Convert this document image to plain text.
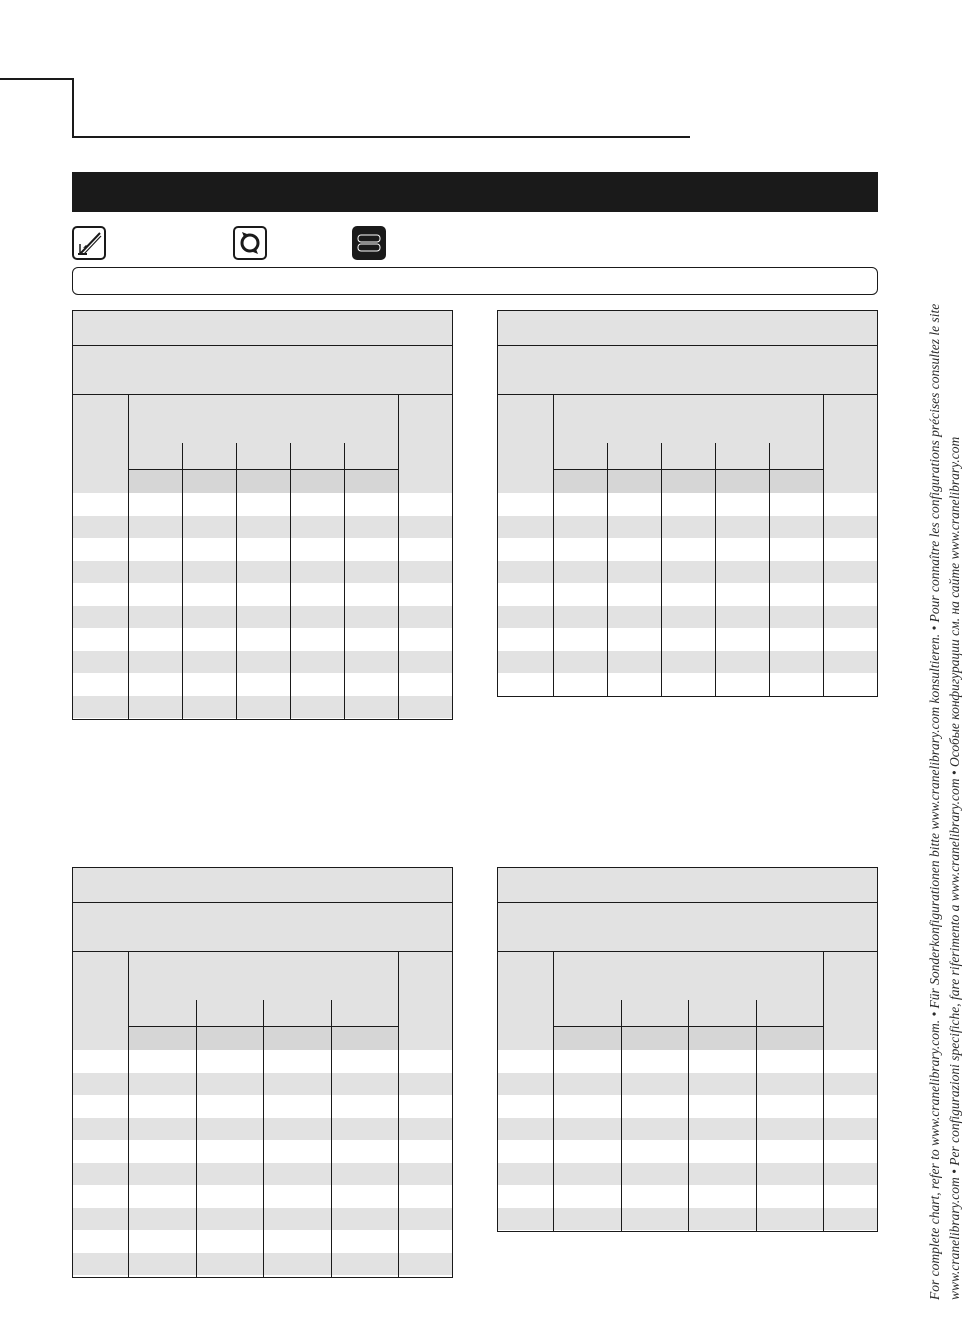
For complete chart, refer to www.cranelibrary.com. • Für Sonderkonfigurationen bitte www.cranelibrary.com konsultieren. • Pour connaître les configurations précises consultez le site www.cranelibrary.com • Per configurazioni specifiche, fare riferimento a www.cranelibrary.com • Особые конфигурации см. на сайте www.cranelibrary.com
